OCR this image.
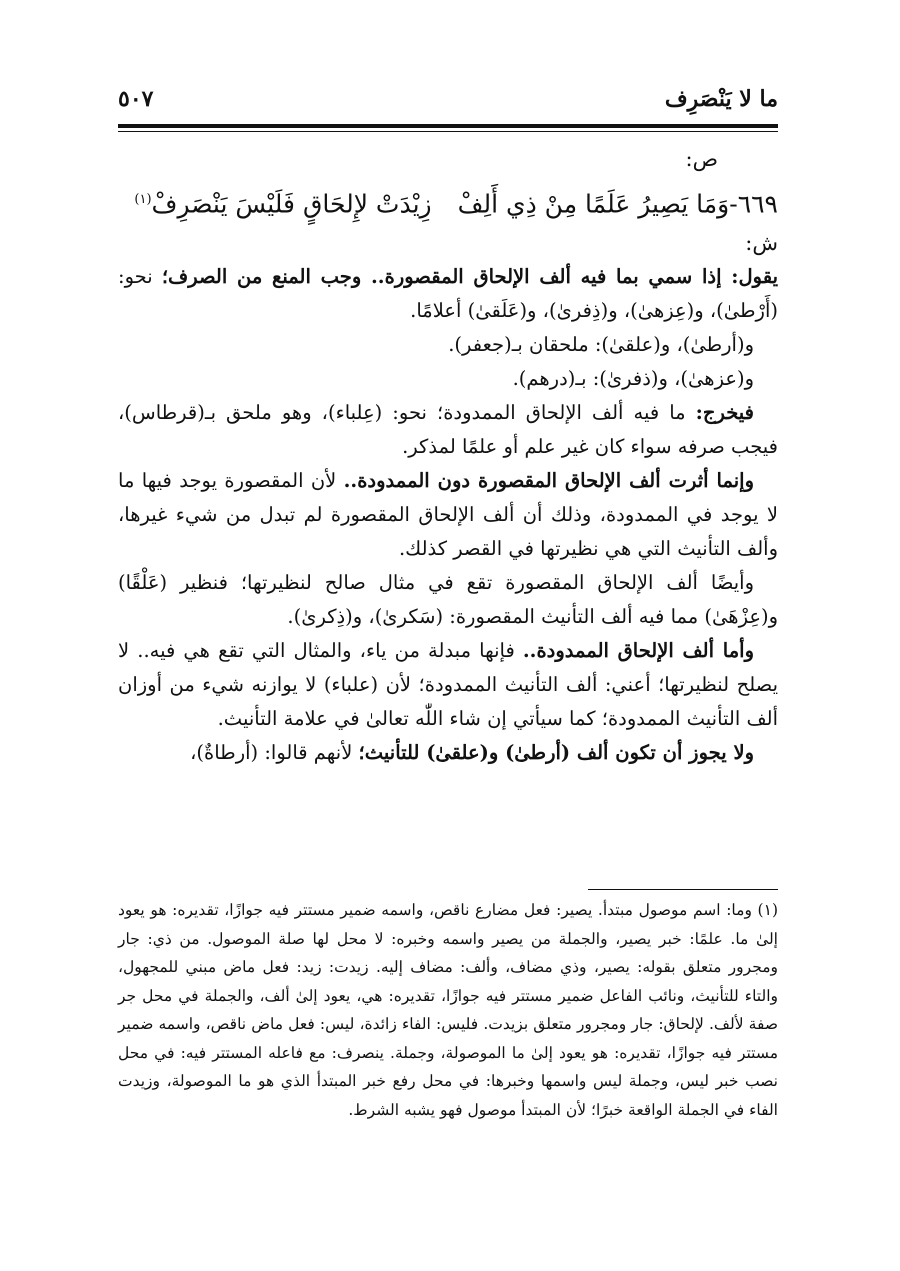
ما لا يَنْصَرِف
٥٠٧

ص:

٦٦٩-وَمَا يَصِيرُ عَلَمًا مِنْ ذِي أَلِفْزِيْدَتْ لإِلحَاقٍ فَلَيْسَ يَنْصَرِفْ$^{(١)}$

ش:

يقول: إذا سمي بما فيه ألف الإلحاق المقصورة.. وجب المنع من الصرف؛ نحو: (أَرْطىٰ)، و(عِزهىٰ)، و(ذِفرىٰ)، و(عَلَقىٰ) أعلامًا.

و(أرطىٰ)، و(علقىٰ): ملحقان بـ(جعفر).

و(عزهىٰ)، و(ذفرىٰ): بـ(درهم).

فيخرج: ما فيه ألف الإلحاق الممدودة؛ نحو: (عِلباء)، وهو ملحق بـ(قرطاس)، فيجب صرفه سواء كان غير علم أو علمًا لمذكر.

وإنما أثرت ألف الإلحاق المقصورة دون الممدودة.. لأن المقصورة يوجد فيها ما لا يوجد في الممدودة، وذلك أن ألف الإلحاق المقصورة لم تبدل من شيء غيرها، وألف التأنيث التي هي نظيرتها في القصر كذلك.

وأيضًا ألف الإلحاق المقصورة تقع في مثال صالح لنظيرتها؛ فنظير (عَلْقًا) و(عِزْهَىٰ) مما فيه ألف التأنيث المقصورة: (سَكرىٰ)، و(ذِكرىٰ).

وأما ألف الإلحاق الممدودة.. فإنها مبدلة من ياء، والمثال التي تقع هي فيه.. لا يصلح لنظيرتها؛ أعني: ألف التأنيث الممدودة؛ لأن (علباء) لا يوازنه شيء من أوزان ألف التأنيث الممدودة؛ كما سيأتي إن شاء اللّٰه تعالىٰ في علامة التأنيث.

ولا يجوز أن تكون ألف (أرطىٰ) و(علقىٰ) للتأنيث؛ لأنهم قالوا: (أرطاةٌ)،

(١) وما: اسم موصول مبتدأ. يصير: فعل مضارع ناقص، واسمه ضمير مستتر فيه جوازًا، تقديره: هو يعود إلىٰ ما. علمًا: خبر يصير، والجملة من يصير واسمه وخبره: لا محل لها صلة الموصول. من ذي: جار ومجرور متعلق بقوله: يصير، وذي مضاف، وألف: مضاف إليه. زيدت: زيد: فعل ماض مبني للمجهول، والتاء للتأنيث، ونائب الفاعل ضمير مستتر فيه جوازًا، تقديره: هي، يعود إلىٰ ألف، والجملة في محل جر صفة لألف. لإلحاق: جار ومجرور متعلق بزيدت. فليس: الفاء زائدة، ليس: فعل ماض ناقص، واسمه ضمير مستتر فيه جوازًا، تقديره: هو يعود إلىٰ ما الموصولة، وجملة. ينصرف: مع فاعله المستتر فيه: في محل نصب خبر ليس، وجملة ليس واسمها وخبرها: في محل رفع خبر المبتدأ الذي هو ما الموصولة، وزيدت الفاء في الجملة الواقعة خبرًا؛ لأن المبتدأ موصول فهو يشبه الشرط.
